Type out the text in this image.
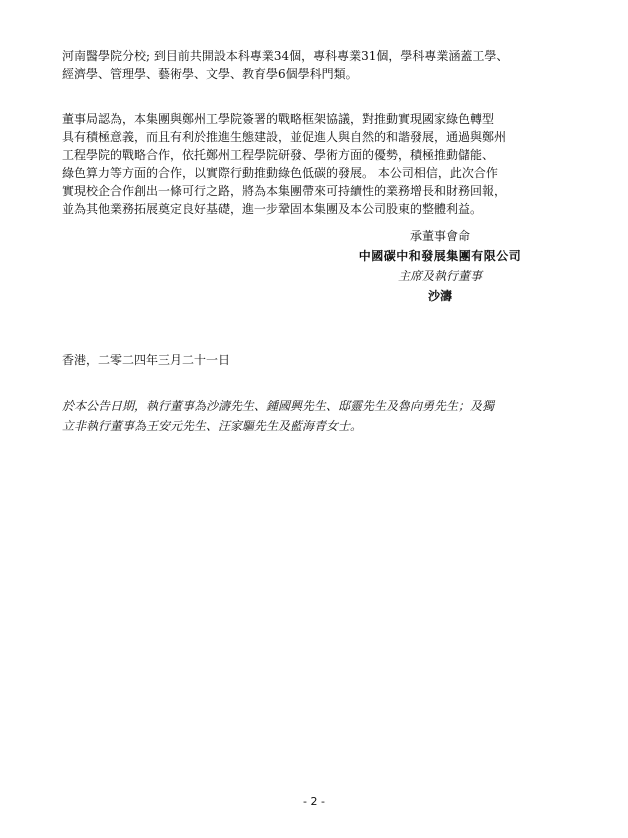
河南醫學院分校; 到目前共開設本科專業34個，專科專業31個，學科專業涵蓋工學、
經濟學、管理學、藝術學、文學、教育學6個學科門類。

董事局認為，本集團與鄭州工學院簽署的戰略框架協議，對推動實現國家綠色轉型
具有積極意義，而且有利於推進生態建設，並促進人與自然的和諧發展，通過與鄭州
工程學院的戰略合作，依托鄭州工程學院研發、學術方面的優勢，積極推動儲能、
綠色算力等方面的合作，以實際行動推動綠色低碳的發展。 本公司相信，此次合作
實現校企合作創出一條可行之路，將為本集團帶來可持續性的業務增長和財務回報，
並為其他業務拓展奠定良好基礎，進一步鞏固本集團及本公司股東的整體利益。

承董事會命
中國碳中和發展集團有限公司
主席及執行董事
沙濤
香港，二零二四年三月二十一日
於本公告日期，執行董事為沙濤先生、鍾國興先生、邸靈先生及魯向勇先生；及獨
立非執行董事為王安元先生、汪家驅先生及藍海青女士。
- 2 -
